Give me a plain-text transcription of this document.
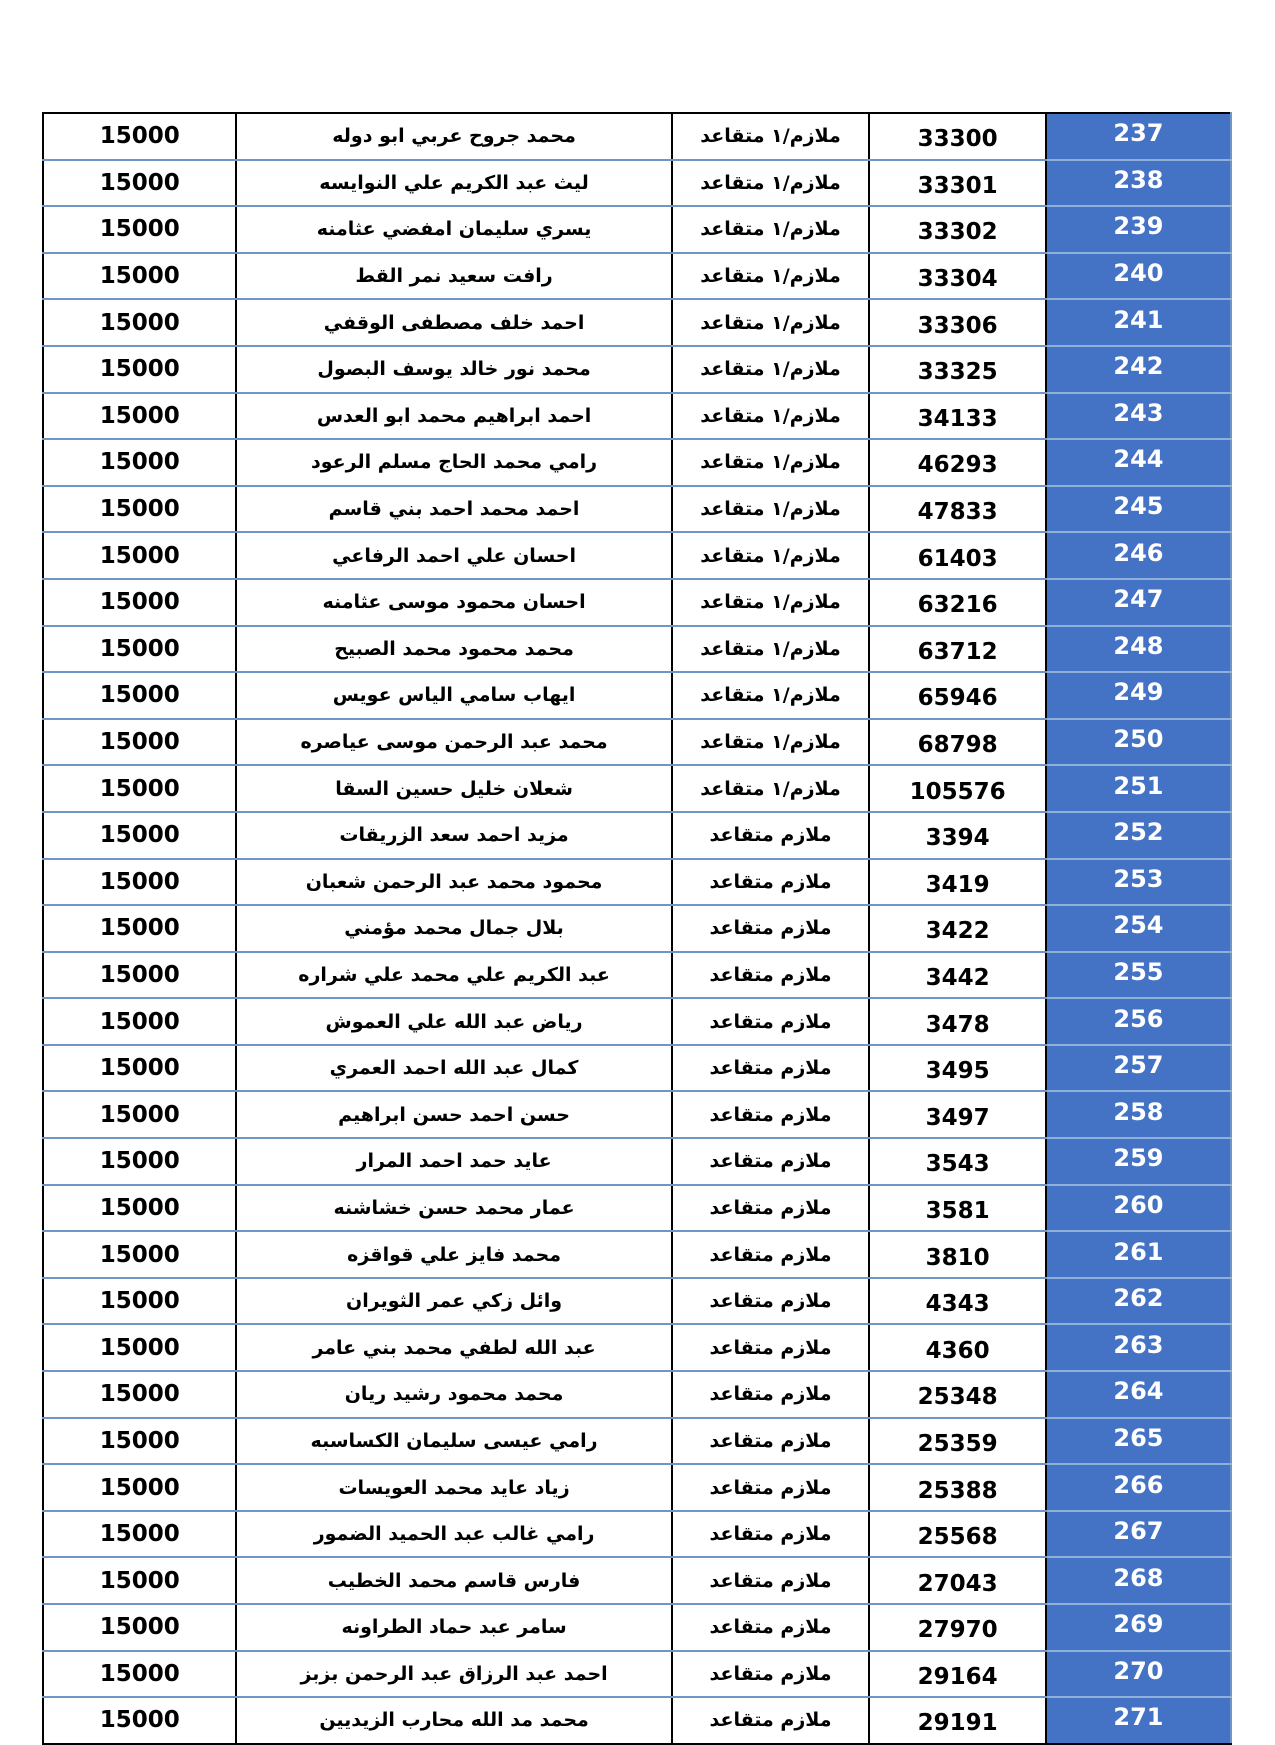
15000	محمد جروح عربي ابو دوله	ملازم/١ متقاعد	33300	237
15000	ليث عبد الكريم علي النوايسه	ملازم/١ متقاعد	33301	238
15000	يسري سليمان امفضي عثامنه	ملازم/١ متقاعد	33302	239
15000	رافت سعيد نمر القط	ملازم/١ متقاعد	33304	240
15000	احمد خلف مصطفى الوقفي	ملازم/١ متقاعد	33306	241
15000	محمد نور خالد يوسف البصول	ملازم/١ متقاعد	33325	242
15000	احمد ابراهيم محمد ابو العدس	ملازم/١ متقاعد	34133	243
15000	رامي محمد الحاج مسلم الرعود	ملازم/١ متقاعد	46293	244
15000	احمد محمد احمد بني قاسم	ملازم/١ متقاعد	47833	245
15000	احسان علي احمد الرفاعي	ملازم/١ متقاعد	61403	246
15000	احسان محمود موسى عثامنه	ملازم/١ متقاعد	63216	247
15000	محمد محمود محمد الصبيح	ملازم/١ متقاعد	63712	248
15000	ايهاب سامي الياس عويس	ملازم/١ متقاعد	65946	249
15000	محمد عبد الرحمن موسى عياصره	ملازم/١ متقاعد	68798	250
15000	شعلان خليل حسين السقا	ملازم/١ متقاعد	105576	251
15000	مزيد احمد سعد الزريقات	ملازم متقاعد	3394	252
15000	محمود محمد عبد الرحمن شعبان	ملازم متقاعد	3419	253
15000	بلال جمال محمد مؤمني	ملازم متقاعد	3422	254
15000	عبد الكريم علي محمد علي شراره	ملازم متقاعد	3442	255
15000	رياض عبد الله علي العموش	ملازم متقاعد	3478	256
15000	كمال عبد الله احمد العمري	ملازم متقاعد	3495	257
15000	حسن احمد حسن ابراهيم	ملازم متقاعد	3497	258
15000	عايد حمد احمد المرار	ملازم متقاعد	3543	259
15000	عمار محمد حسن خشاشنه	ملازم متقاعد	3581	260
15000	محمد فايز علي قواقزه	ملازم متقاعد	3810	261
15000	وائل زكي عمر الثويران	ملازم متقاعد	4343	262
15000	عبد الله لطفي محمد بني عامر	ملازم متقاعد	4360	263
15000	محمد محمود رشيد ريان	ملازم متقاعد	25348	264
15000	رامي عيسى سليمان الكساسبه	ملازم متقاعد	25359	265
15000	زياد عايد محمد العويسات	ملازم متقاعد	25388	266
15000	رامي غالب عبد الحميد الضمور	ملازم متقاعد	25568	267
15000	فارس قاسم محمد الخطيب	ملازم متقاعد	27043	268
15000	سامر عبد حماد الطراونه	ملازم متقاعد	27970	269
15000	احمد عبد الرزاق عبد الرحمن بزبز	ملازم متقاعد	29164	270
15000	محمد مد الله محارب الزيديين	ملازم متقاعد	29191	271
